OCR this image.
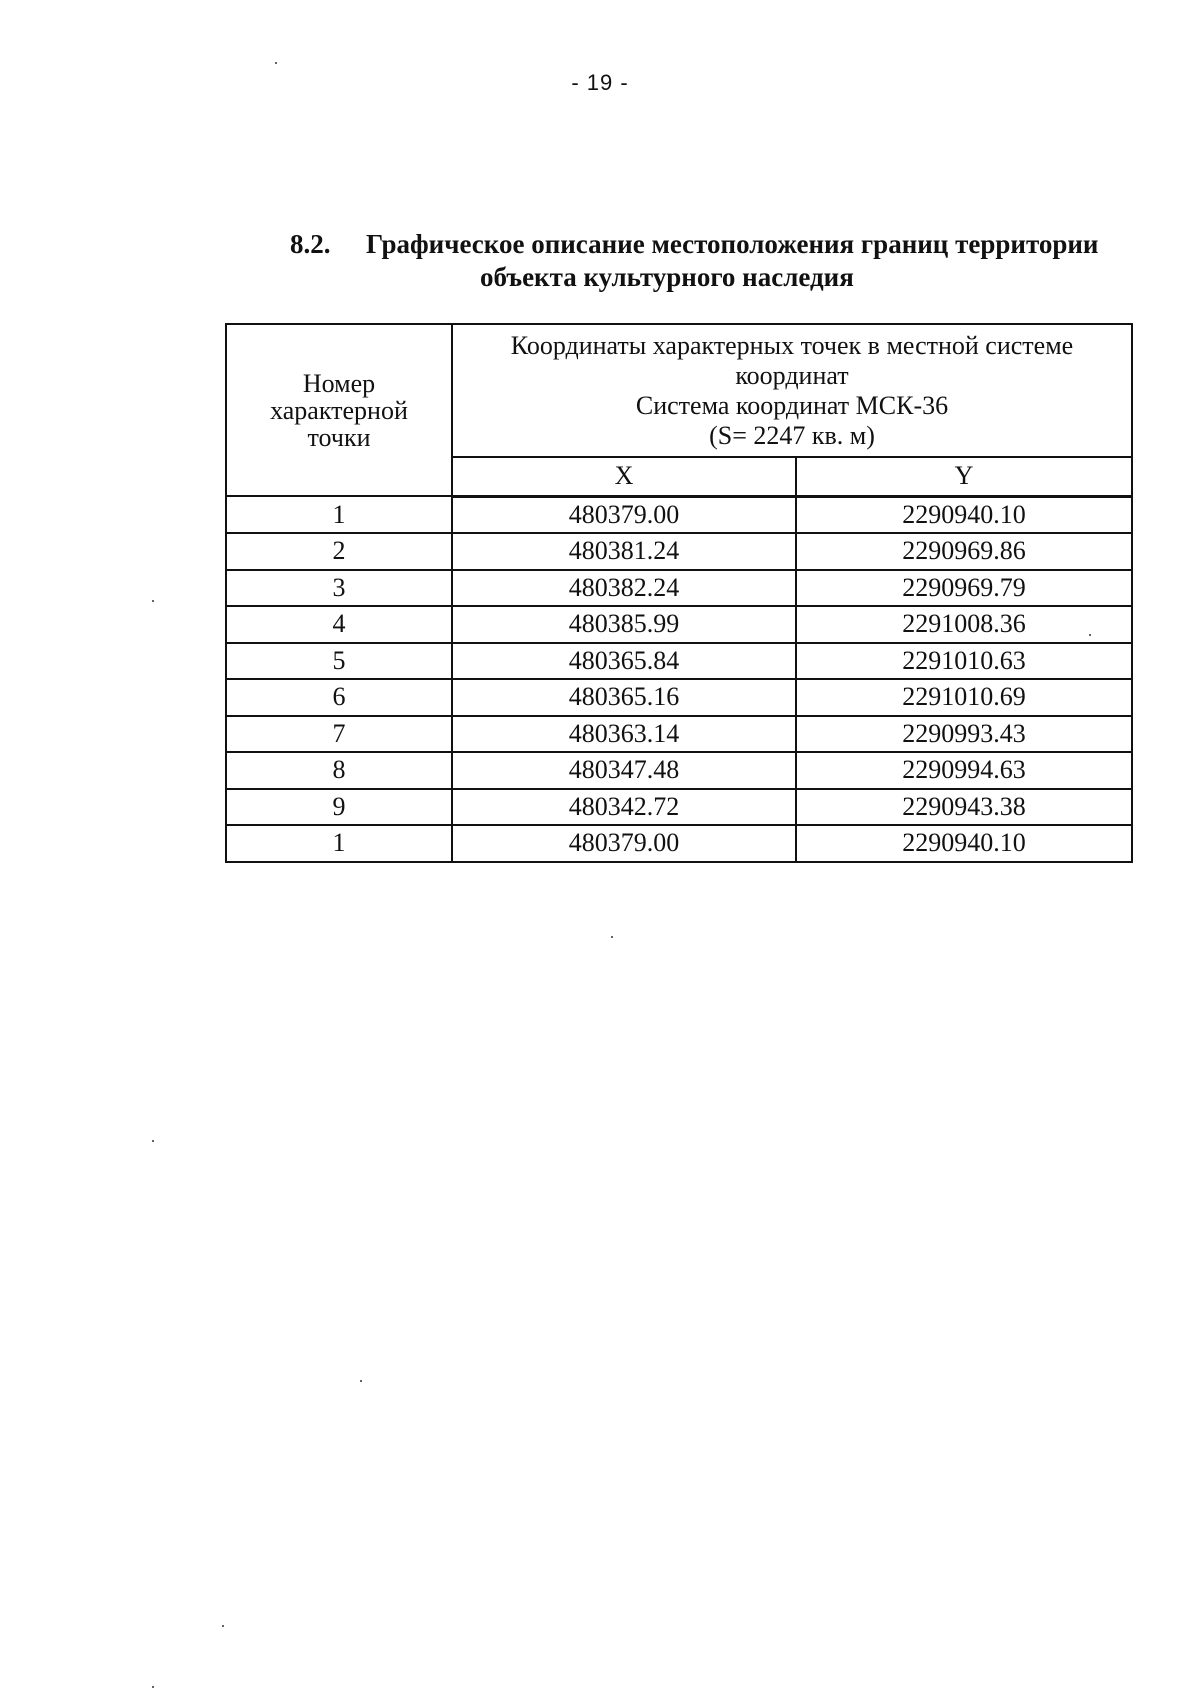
- 19 -
8.2. Графическое описание местоположения границ территории
объекта культурного наследия
Номер
характерной
точки	Координаты характерных точек в местной системе
координат
Система координат МСК-36
(S= 2247 кв. м)	

	X	Y
1	480379.00	2290940.10
2	480381.24	2290969.86
3	480382.24	2290969.79
4	480385.99	2291008.36
5	480365.84	2291010.63
6	480365.16	2291010.69
7	480363.14	2290993.43
8	480347.48	2290994.63
9	480342.72	2290943.38
1	480379.00	2290940.10
